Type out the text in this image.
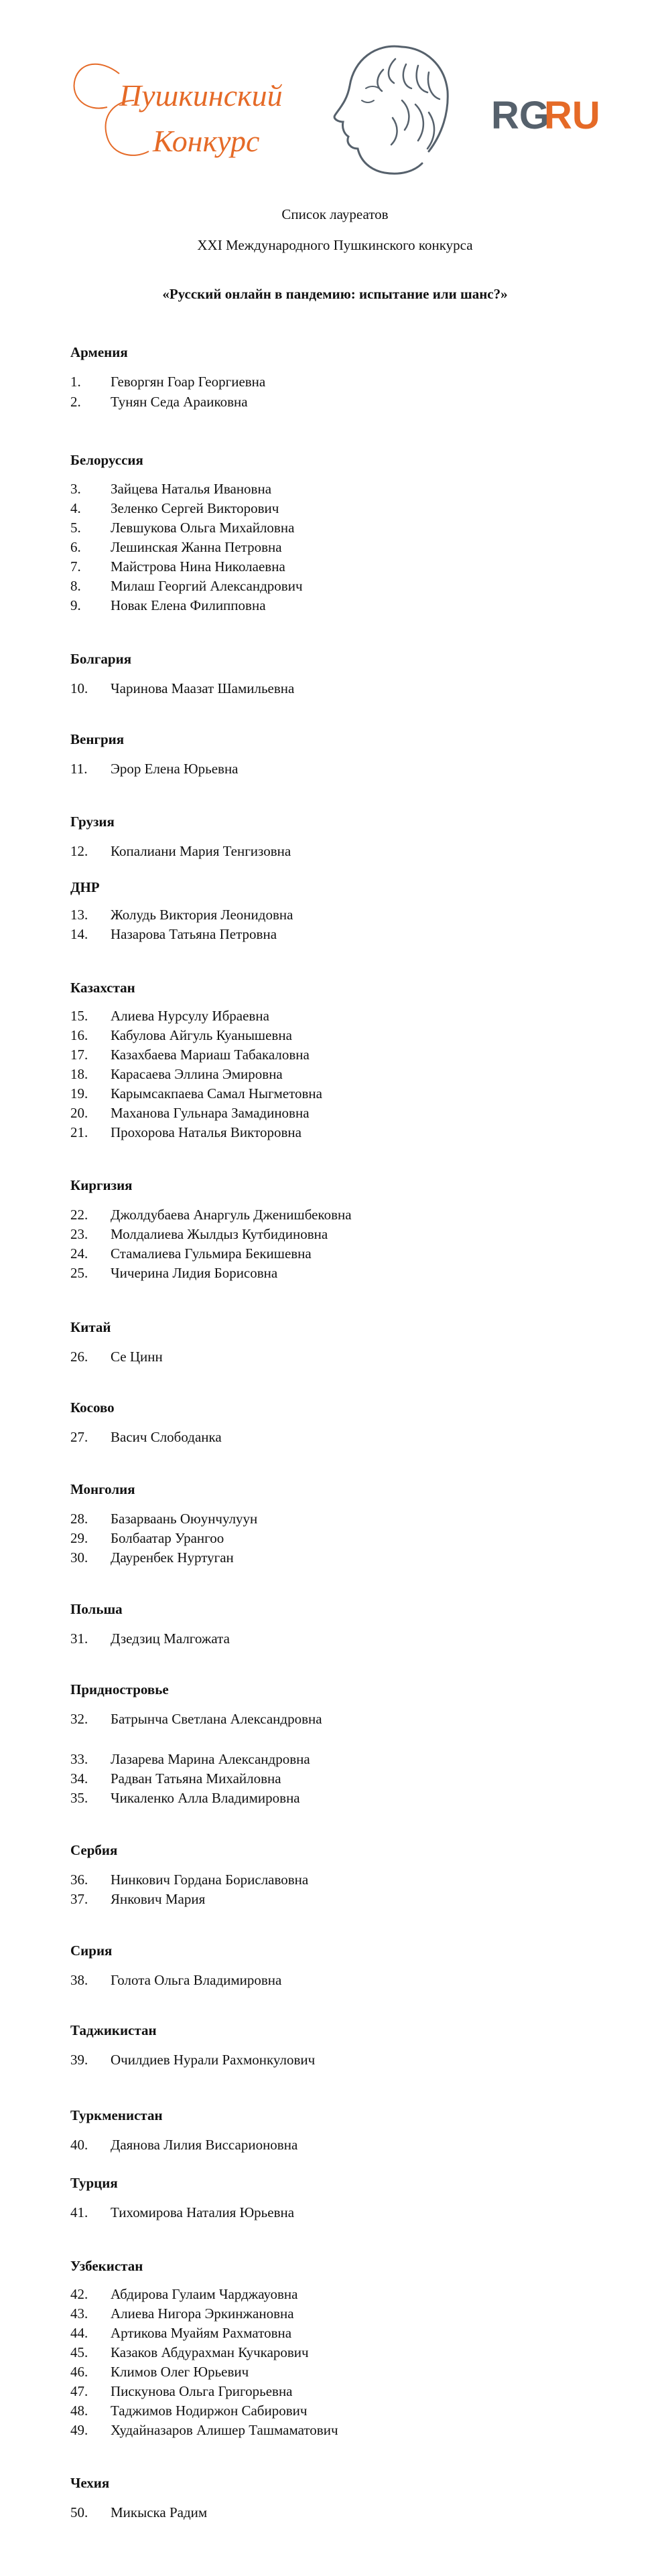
Пушкинский
Конкурс
RG
RU
Список лауреатов
XXI Международного Пушкинского конкурса
«Русский онлайн в пандемию: испытание или шанс?»
Армения
1.	Геворгян Гоар Георгиевна
2.	Тунян Седа Араиковна
Белоруссия
3.	Зайцева Наталья Ивановна
4.	Зеленко Сергей Викторович
5.	Левшукова Ольга Михайловна
6.	Лешинская Жанна Петровна
7.	Майстрова Нина Николаевна
8.	Милаш Георгий Александрович
9.	Новак Елена Филипповна
Болгария
10.	Чаринова Маазат Шамильевна
Венгрия
11.	Эрор Елена Юрьевна
Грузия
12.	Копалиани Мария Тенгизовна
ДНР
13.	Жолудь Виктория Леонидовна
14.	Назарова Татьяна Петровна
Казахстан
15.	Алиева Нурсулу Ибраевна
16.	Кабулова Айгуль Куанышевна
17.	Казахбаева Мариаш Табакаловна
18.	Карасаева Эллина Эмировна
19.	Карымсакпаева Самал Ныгметовна
20.	Маханова Гульнара Замадиновна
21.	Прохорова Наталья Викторовна
Киргизия
22.	Джолдубаева Анаргуль Дженишбековна
23.	Молдалиева Жылдыз Кутбидиновна
24.	Стамалиева Гульмира Бекишевна
25.	Чичерина Лидия Борисовна
Китай
26.	Се Цинн
Косово
27.	Васич Слободанка
Монголия
28.	Базарваань Оюунчулуун
29.	Болбаатар Урангоо
30.	Дауренбек Нуртуган
Польша
31.	Дзедзиц Малгожата
Придностровье
32.	Батрынча Светлана Александровна
33.	Лазарева Марина Александровна
34.	Радван Татьяна Михайловна
35.	Чикаленко Алла Владимировна
Сербия
36.	Нинкович Гордана Бориславовна
37.	Янкович Мария
Сирия
38.	Голота Ольга Владимировна
Таджикистан
39.	Очилдиев Нурали Рахмонкулович
Туркменистан
40.	Даянова Лилия Виссарионовна
Турция
41.	Тихомирова Наталия Юрьевна
Узбекистан
42.	Абдирова Гулаим Чарджауовна
43.	Алиева Нигора Эркинжановна
44.	Артикова Муайям Рахматовна
45.	Казаков Абдурахман Кучкарович
46.	Климов Олег Юрьевич
47.	Пискунова Ольга Григорьевна
48.	Таджимов Нодиржон Сабирович
49.	Худайназаров Алишер Ташмаматович
Чехия
50.	Микыска Радим
